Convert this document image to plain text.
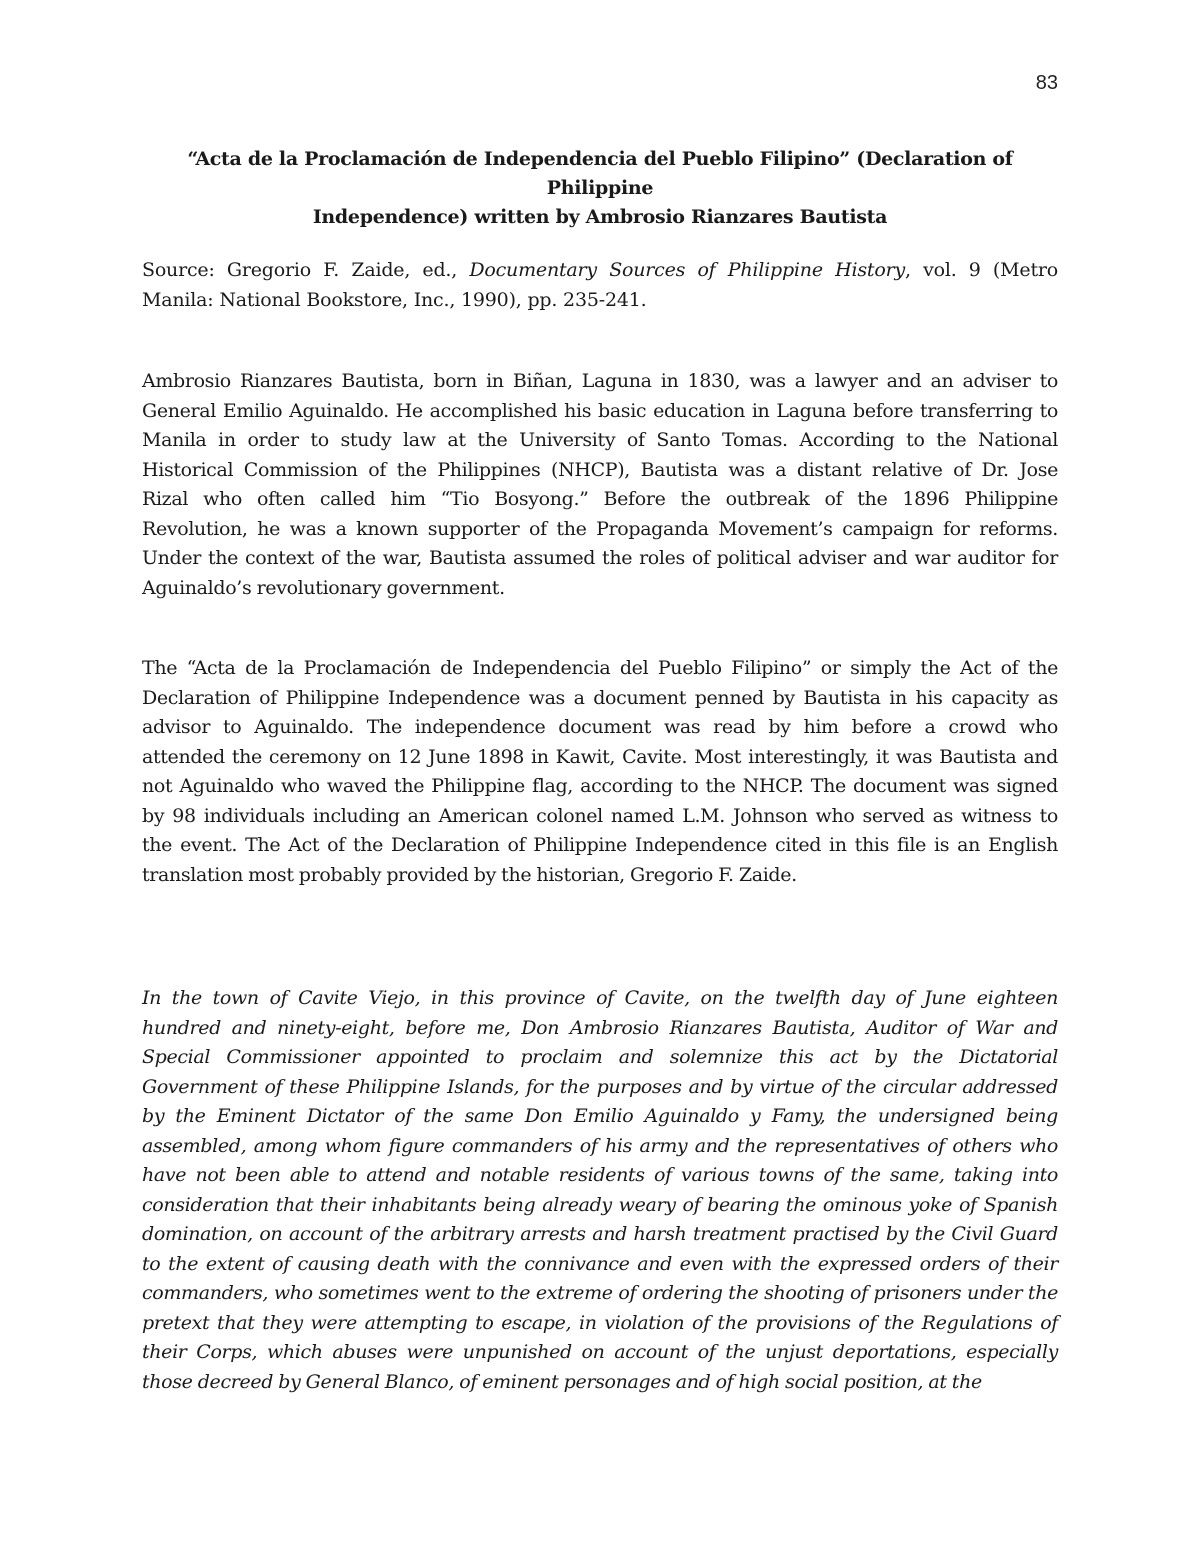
83
“Acta de la Proclamación de Independencia del Pueblo Filipino” (Declaration of Philippine
Independence) written by Ambrosio Rianzares Bautista

Source: Gregorio F. Zaide, ed., Documentary Sources of Philippine History, vol. 9 (Metro Manila: National Bookstore, Inc., 1990), pp. 235-241.

Ambrosio Rianzares Bautista, born in Biñan, Laguna in 1830, was a lawyer and an adviser to
General Emilio Aguinaldo. He accomplished his basic education in Laguna before transferring to
Manila in order to study law at the University of Santo Tomas. According to the National
Historical Commission of the Philippines (NHCP), Bautista was a distant relative of Dr. Jose
Rizal who often called him “Tio Bosyong.” Before the outbreak of the 1896 Philippine
Revolution, he was a known supporter of the Propaganda Movement’s campaign for reforms.
Under the context of the war, Bautista assumed the roles of political adviser and war auditor for
Aguinaldo’s revolutionary government.

The “Acta de la Proclamación de Independencia del Pueblo Filipino” or simply the Act of the
Declaration of Philippine Independence was a document penned by Bautista in his capacity as
advisor to Aguinaldo. The independence document was read by him before a crowd who
attended the ceremony on 12 June 1898 in Kawit, Cavite. Most interestingly, it was Bautista and
not Aguinaldo who waved the Philippine flag, according to the NHCP. The document was signed
by 98 individuals including an American colonel named L.M. Johnson who served as witness to
the event. The Act of the Declaration of Philippine Independence cited in this file is an English
translation most probably provided by the historian, Gregorio F. Zaide.

In the town of Cavite Viejo, in this province of Cavite, on the twelfth day of June eighteen
hundred and ninety-eight, before me, Don Ambrosio Rianzares Bautista, Auditor of War and
Special Commissioner appointed to proclaim and solemnize this act by the Dictatorial
Government of these Philippine Islands, for the purposes and by virtue of the circular addressed
by the Eminent Dictator of the same Don Emilio Aguinaldo y Famy, the undersigned being
assembled, among whom figure commanders of his army and the representatives of others who
have not been able to attend and notable residents of various towns of the same, taking into
consideration that their inhabitants being already weary of bearing the ominous yoke of Spanish
domination, on account of the arbitrary arrests and harsh treatment practised by the Civil Guard
to the extent of causing death with the connivance and even with the expressed orders of their
commanders, who sometimes went to the extreme of ordering the shooting of prisoners under the
pretext that they were attempting to escape, in violation of the provisions of the Regulations of
their Corps, which abuses were unpunished on account of the unjust deportations, especially
those decreed by General Blanco, of eminent personages and of high social position, at the
